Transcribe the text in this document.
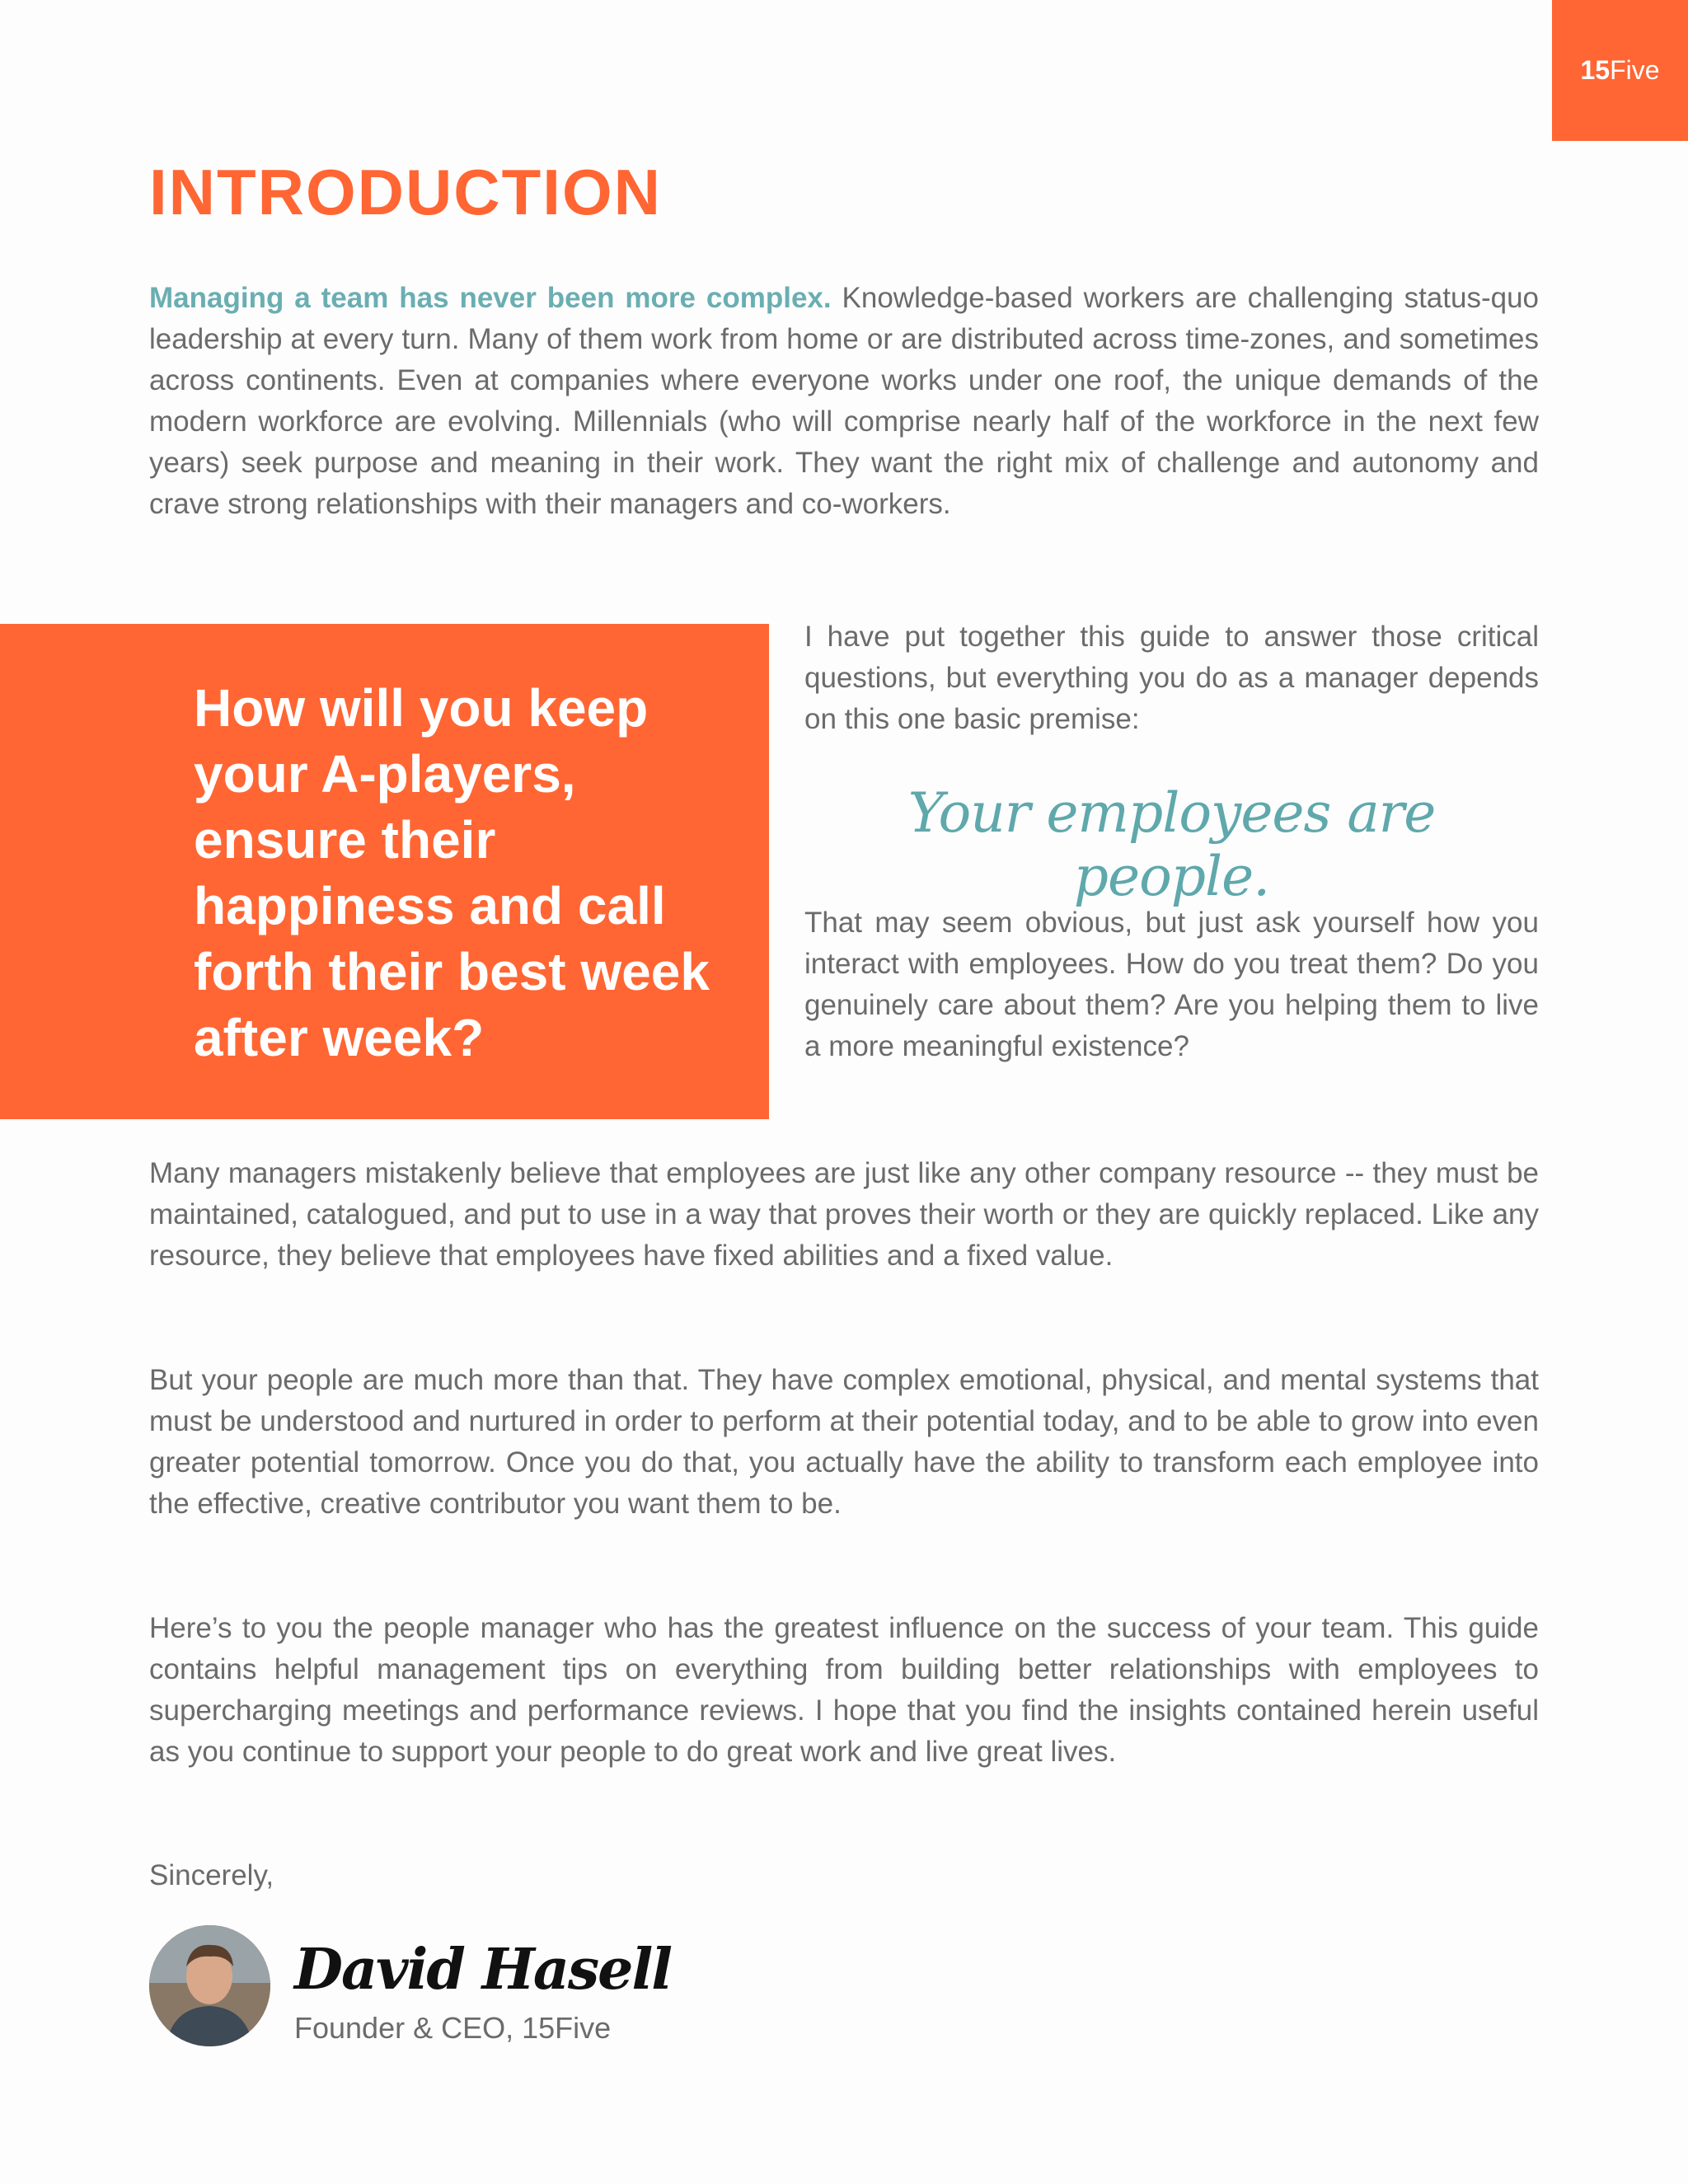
15 Five
INTRODUCTION

Managing a team has never been more complex. Knowledge-based workers are challenging status-quo leadership at every turn. Many of them work from home or are distributed across time-zones, and sometimes across continents. Even at companies where everyone works under one roof, the unique demands of the modern workforce are evolving. Millennials (who will comprise nearly half of the workforce in the next few years) seek purpose and meaning in their work. They want the right mix of challenge and autonomy and crave strong relationships with their managers and co-workers.

How will you keep your A-players, ensure their happiness and call forth their best week after week?

I have put together this guide to answer those critical questions, but everything you do as a manager depends on this one basic premise:

Your employees are people.

That may seem obvious, but just ask yourself how you interact with employees. How do you treat them? Do you genuinely care about them? Are you helping them to live a more meaningful existence?

Many managers mistakenly believe that employees are just like any other company resource -- they must be maintained, catalogued, and put to use in a way that proves their worth or they are quickly replaced. Like any resource, they believe that employees have fixed abilities and a fixed value.

But your people are much more than that. They have complex emotional, physical, and mental systems that must be understood and nurtured in order to perform at their potential today, and to be able to grow into even greater potential tomorrow. Once you do that, you actually have the ability to transform each employee into the effective, creative contributor you want them to be.

Here’s to you the people manager who has the greatest influence on the success of your team. This guide contains helpful management tips on everything from building better relationships with employees to supercharging meetings and performance reviews. I hope that you find the insights contained herein useful as you continue to support your people to do great work and live great lives.

Sincerely,

David Hasell

Founder & CEO, 15Five
